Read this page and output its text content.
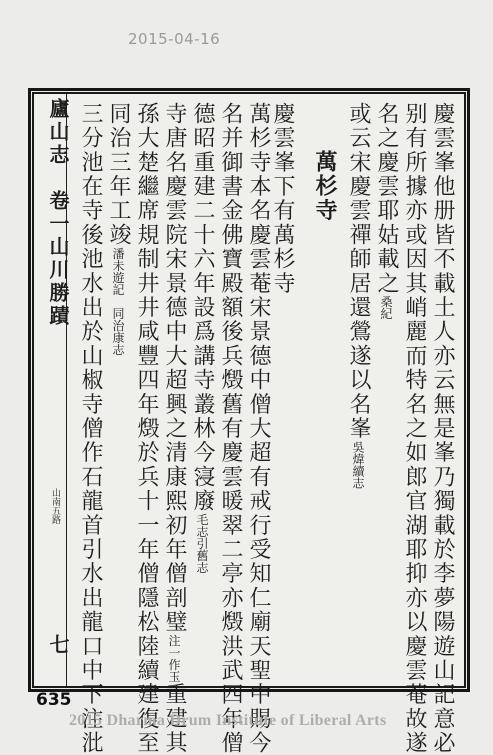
2015-04-16
慶雲峯他册皆不載土人亦云無是峯乃獨載於李夢陽遊山記意必
别有所據亦或因其峭麗而特名之如郎官湖耶抑亦以慶雲菴故遂
名之慶雲耶姑載之桑紀
或云宋慶雲禪師居還鶯遂以名峯吳煒續志
萬杉寺
慶雲峯下有萬杉寺
萬杉寺本名慶雲菴宋景德中僧大超有戒行受知仁廟天聖中賜今
名并御書金佛寶殿額後兵燬舊有慶雲暖翠二亭亦燬洪武四年僧
德昭重建二十六年設爲講寺叢林今寖廢毛志引舊志
寺唐名慶雲院宋景德中大超興之清康熙初年僧剖璧注一作玉重建其
孫大楚繼席規制井井咸豐四年燬於兵十一年僧隱松陸續建復至
同治三年工竣潘未遊記　同治康志
三分池在寺後池水出於山椒寺僧作石龍首引水出龍口中下注沘
廬山志　卷一山川勝蹟
山南五路
七
635
2015 Dharma Drum Institute of Liberal Arts
